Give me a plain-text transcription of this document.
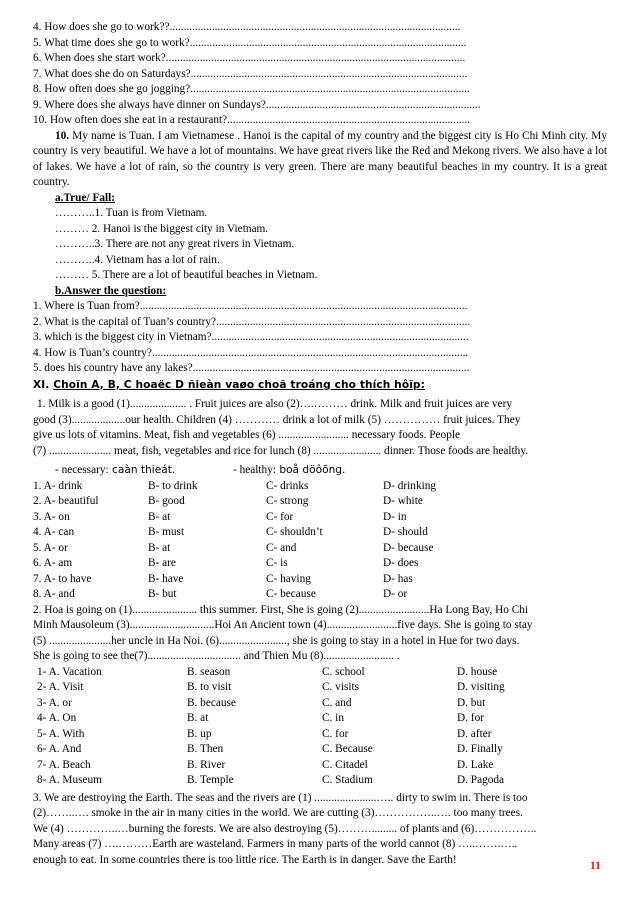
4. How does she go to work??.......................................................................................................
5. What time does she go to work?..................................................................................................
6. When does she start work?..........................................................................................................
7. What does she do on Saturdays?..................................................................................................
8. How often does she go jogging?...................................................................................................
9. Where does she always have dinner on Sundays?............................................................................
10. How often does she eat in a restaurant?......................................................................................
10. My name is Tuan. I am Vietnamese . Hanoi is the capital of my country and the biggest city is Ho Chi Minh city. My country is very beautiful. We have a lot of mountains. We have great rivers like the Red and Mekong rivers. We also have a lot of lakes. We have a lot of rain, so the country is very green. There are many beautiful beaches in my country. It is a great country.
a.True/ Fall:
………..1. Tuan is from Vietnam.
……… 2. Hanoi is the biggest city in Vietnam.
………..3. There are not any great rivers in Vietnam.
………..4. Vietnam has a lot of rain.
……… 5. There are a lot of beautiful beaches in Vietnam.
b.Answer the question:
1. Where is Tuan from?....................................................................................................................
2. What is the capital of Tuan’s country?..........................................................................................
3. which is the biggest city in Vietnam?...........................................................................................
4. How is Tuan’s country?................................................................................................................
5. does his country have any lakes?..................................................................................................
XI. Choïn A, B, C hoaëc D ñieàn vaøo choã troáng cho thích hôïp:
1. Milk is a good (1).................... . Fruit juices are also (2)….……… drink. Milk and fruit juices are very
good (3)...................our health. Children (4) ………… drink a lot of milk (5) …………… fruit juices. They
give us lots of vitamins. Meat, fish and vegetables (6) ......................... necessary foods. People
(7) ...................... meat, fish, vegetables and rice for lunch (8) ........................ dinner. Those foods are healthy.
- necessary: caàn thieát.	- healthy: boå döôõng.
1. A- drink	B- to drink	C- drinks	D- drinking
2. A- beautiful	B- good	C- strong	D- white
3. A- on	B- at	C- for	D- in
4. A- can	B- must	C- shouldn’t	D- should
5. A- or	B- at	C- and	D- because
6. A- am	B- are	C- is	D- does
7. A- to have	B- have	C- having	D- has
8. A- and	B- but	C- because	D- or
2. Hoa is going on (1)....................... this summer. First, She is going (2).........................Ha Long Bay, Ho Chi
Minh Mausoleum (3)..............................Hoi An Ancient town (4).........................five days. She is going to stay
(5) ......................her uncle in Ha Noi. (6)........................, she is going to stay in a hotel in Hue for two days.
She is going to see the(7)................................. and Thien Mu (8)......................... .
1- A. Vacation	B. season	C. school	D. house
2- A. Visit	B. to visit	C. visits	D. visiting
3- A. or	B. because	C. and	D. but
4- A. On	B. at	C. in	D. for
5- A. With	B. up	C. for	D. after
6- A. And	B. Then	C. Because	D. Finally
7- A. Beach	B. River	C. Citadel	D. Lake
8- A. Museum	B. Temple	C. Stadium	D. Pagoda
3. We are destroying the Earth. The seas and the rivers are (1) ......................….. dirty to swim in. There is too
(2)……..…. smoke in the air in many cities in the world. We are cutting (3)……………..…. too many trees.
We (4) …………..…burning the forests. We are also destroying (5)………......... of plants and (6)……………..
Many areas (7) ….………Earth are wasteland. Farmers in many parts of the world cannot (8) …..…….…..
enough to eat. In some countries there is too little rice. The Earth is in danger. Save the Earth!
11
